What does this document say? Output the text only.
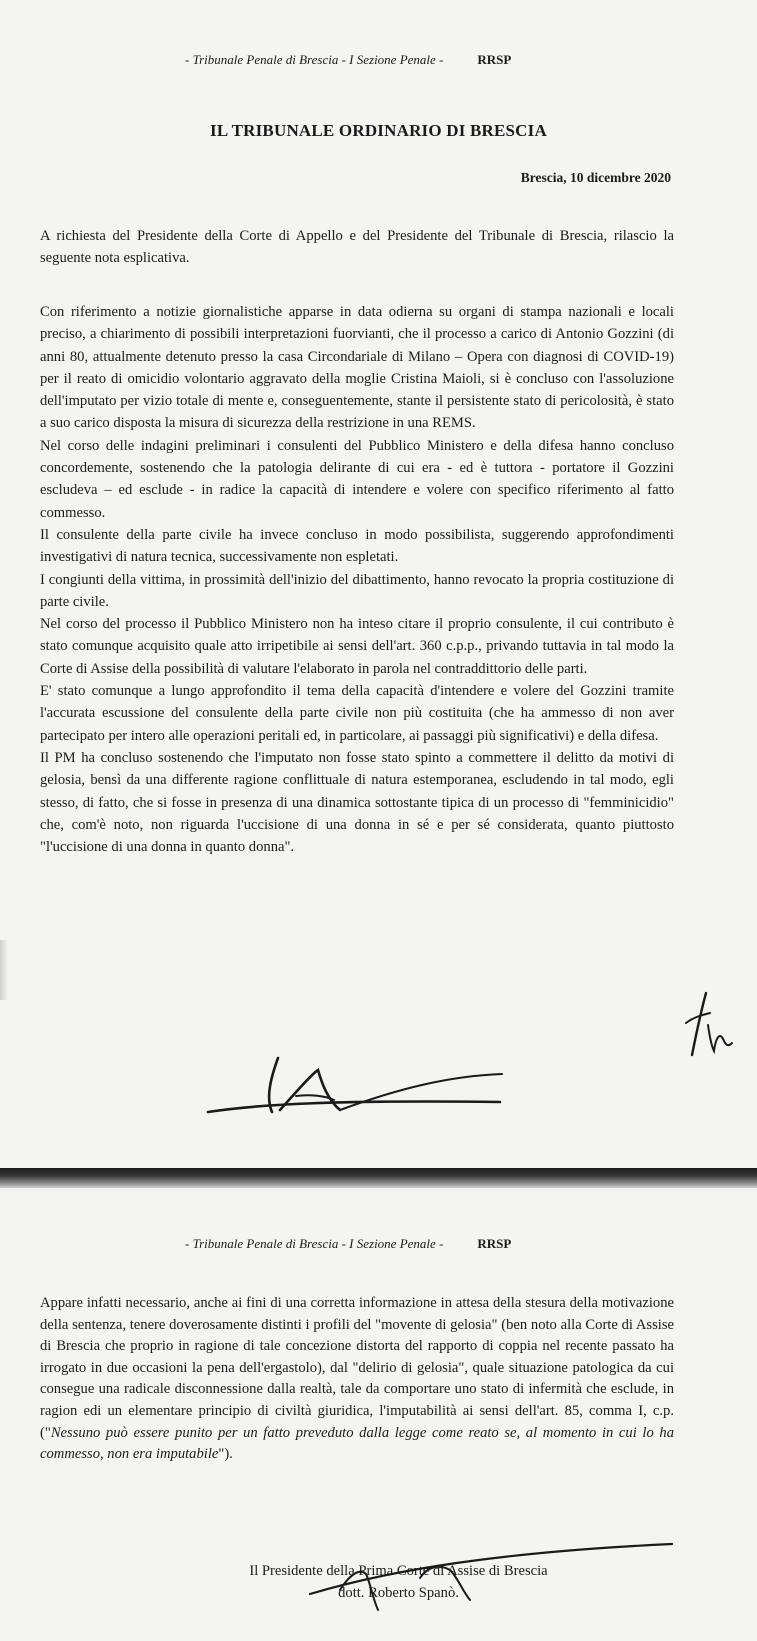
- Tribunale Penale di Brescia - I Sezione Penale -	RRSP
IL TRIBUNALE ORDINARIO DI BRESCIA
Brescia, 10 dicembre 2020

A richiesta del Presidente della Corte di Appello e del Presidente del Tribunale di Brescia, rilascio la seguente nota esplicativa.

Con riferimento a notizie giornalistiche apparse in data odierna su organi di stampa nazionali e locali preciso, a chiarimento di possibili interpretazioni fuorvianti, che il processo a carico di Antonio Gozzini (di anni 80, attualmente detenuto presso la casa Circondariale di Milano – Opera con diagnosi di COVID-19) per il reato di omicidio volontario aggravato della moglie Cristina Maioli, si è concluso con l'assoluzione dell'imputato per vizio totale di mente e, conseguentemente, stante il persistente stato di pericolosità, è stato a suo carico disposta la misura di sicurezza della restrizione in una REMS.

Nel corso delle indagini preliminari i consulenti del Pubblico Ministero e della difesa hanno concluso concordemente, sostenendo che la patologia delirante di cui era - ed è tuttora - portatore il Gozzini escludeva – ed esclude - in radice la capacità di intendere e volere con specifico riferimento al fatto commesso.

Il consulente della parte civile ha invece concluso in modo possibilista, suggerendo approfondimenti investigativi di natura tecnica, successivamente non espletati.

I congiunti della vittima, in prossimità dell'inizio del dibattimento, hanno revocato la propria costituzione di parte civile.

Nel corso del processo il Pubblico Ministero non ha inteso citare il proprio consulente, il cui contributo è stato comunque acquisito quale atto irripetibile ai sensi dell'art. 360 c.p.p., privando tuttavia in tal modo la Corte di Assise della possibilità di valutare l'elaborato in parola nel contraddittorio delle parti.

E' stato comunque a lungo approfondito il tema della capacità d'intendere e volere del Gozzini tramite l'accurata escussione del consulente della parte civile non più costituita (che ha ammesso di non aver partecipato per intero alle operazioni peritali ed, in particolare, ai passaggi più significativi) e della difesa.

Il PM ha concluso sostenendo che l'imputato non fosse stato spinto a commettere il delitto da motivi di gelosia, bensì da una differente ragione conflittuale di natura estemporanea, escludendo in tal modo, egli stesso, di fatto, che si fosse in presenza di una dinamica sottostante tipica di un processo di "femminicidio" che, com'è noto, non riguarda l'uccisione di una donna in sé e per sé considerata, quanto piuttosto "l'uccisione di una donna in quanto donna".

- Tribunale Penale di Brescia - I Sezione Penale -	RRSP

Appare infatti necessario, anche ai fini di una corretta informazione in attesa della stesura della motivazione della sentenza, tenere doverosamente distinti i profili del "movente di gelosia" (ben noto alla Corte di Assise di Brescia che proprio in ragione di tale concezione distorta del rapporto di coppia nel recente passato ha irrogato in due occasioni la pena dell'ergastolo), dal "delirio di gelosia", quale situazione patologica da cui consegue una radicale disconnessione dalla realtà, tale da comportare uno stato di infermità che esclude, in ragion edi un elementare principio di civiltà giuridica, l'imputabilità ai sensi dell'art. 85, comma I, c.p. ("Nessuno può essere punito per un fatto preveduto dalla legge come reato se, al momento in cui lo ha commesso, non era imputabile").

Il Presidente della Prima Corte di Assise di Brescia
dott. Roberto Spanò.
